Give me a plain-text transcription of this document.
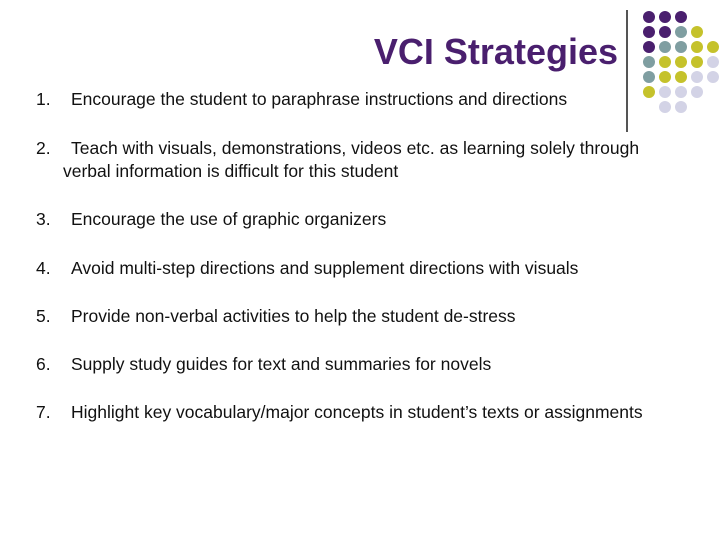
VCI Strategies
1.	Encourage the student to paraphrase instructions and directions
2.	Teach with visuals, demonstrations, videos etc. as learning solely through verbal information is difficult for this student
3.	Encourage the use of graphic organizers
4.	Avoid multi-step directions and supplement directions with visuals
5.	Provide non-verbal activities to help the student de-stress
6.	Supply study guides for text and summaries for novels
7.	Highlight key vocabulary/major concepts in student’s texts or assignments
